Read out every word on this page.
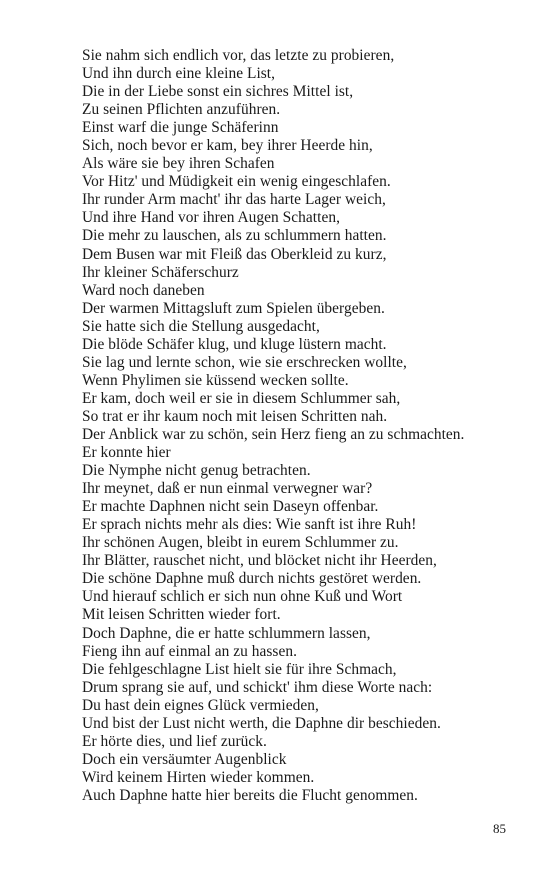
Sie nahm sich endlich vor, das letzte zu probieren,
Und ihn durch eine kleine List,
Die in der Liebe sonst ein sichres Mittel ist,
Zu seinen Pflichten anzuführen.
Einst warf die junge Schäferinn
Sich, noch bevor er kam, bey ihrer Heerde hin,
Als wäre sie bey ihren Schafen
Vor Hitz' und Müdigkeit ein wenig eingeschlafen.
Ihr runder Arm macht' ihr das harte Lager weich,
Und ihre Hand vor ihren Augen Schatten,
Die mehr zu lauschen, als zu schlummern hatten.
Dem Busen war mit Fleiß das Oberkleid zu kurz,
Ihr kleiner Schäferschurz
Ward noch daneben
Der warmen Mittagsluft zum Spielen übergeben.
Sie hatte sich die Stellung ausgedacht,
Die blöde Schäfer klug, und kluge lüstern macht.
Sie lag und lernte schon, wie sie erschrecken wollte,
Wenn Phylimen sie küssend wecken sollte.
Er kam, doch weil er sie in diesem Schlummer sah,
So trat er ihr kaum noch mit leisen Schritten nah.
Der Anblick war zu schön, sein Herz fieng an zu schmachten.
Er konnte hier
Die Nymphe nicht genug betrachten.
Ihr meynet, daß er nun einmal verwegner war?
Er machte Daphnen nicht sein Daseyn offenbar.
Er sprach nichts mehr als dies: Wie sanft ist ihre Ruh!
Ihr schönen Augen, bleibt in eurem Schlummer zu.
Ihr Blätter, rauschet nicht, und blöcket nicht ihr Heerden,
Die schöne Daphne muß durch nichts gestöret werden.
Und hierauf schlich er sich nun ohne Kuß und Wort
Mit leisen Schritten wieder fort.
Doch Daphne, die er hatte schlummern lassen,
Fieng ihn auf einmal an zu hassen.
Die fehlgeschlagne List hielt sie für ihre Schmach,
Drum sprang sie auf, und schickt' ihm diese Worte nach:
Du hast dein eignes Glück vermieden,
Und bist der Lust nicht werth, die Daphne dir beschieden.
Er hörte dies, und lief zurück.
Doch ein versäumter Augenblick
Wird keinem Hirten wieder kommen.
Auch Daphne hatte hier bereits die Flucht genommen.
85
